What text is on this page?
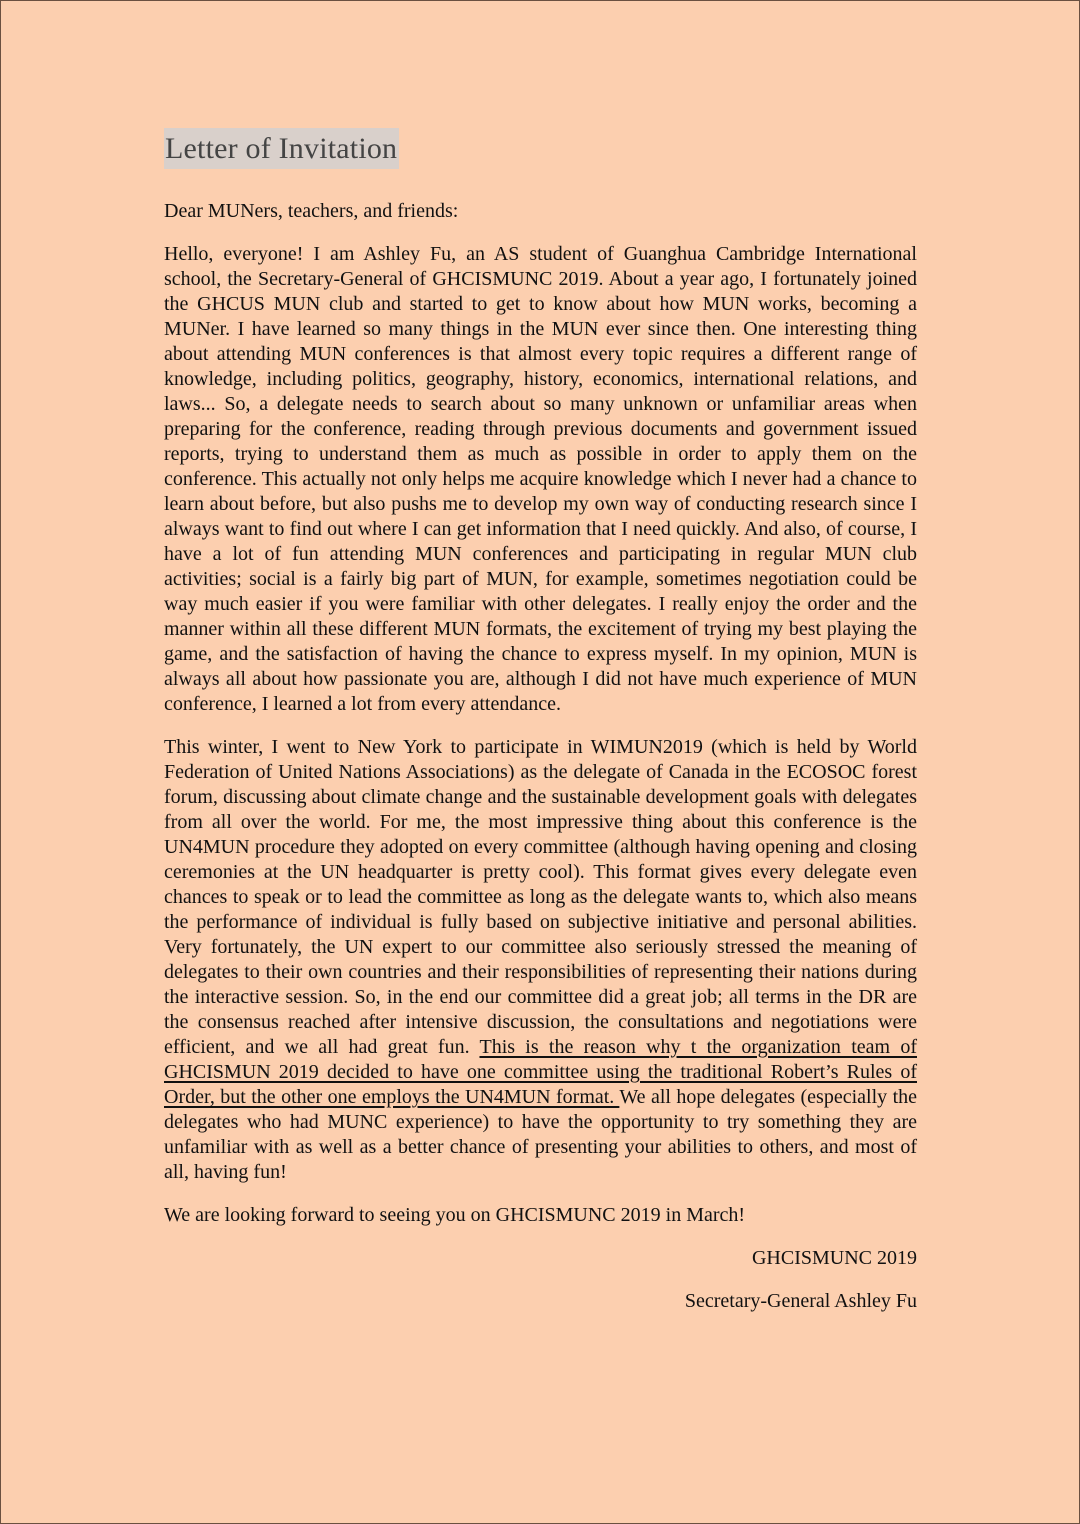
Letter of Invitation

Dear MUNers, teachers, and friends:

Hello, everyone! I am Ashley Fu, an AS student of Guanghua Cambridge International school, the Secretary-General of GHCISMUNC 2019. About a year ago, I fortunately joined the GHCUS MUN club and started to get to know about how MUN works, becoming a MUNer. I have learned so many things in the MUN ever since then. One interesting thing about attending MUN conferences is that almost every topic requires a different range of knowledge, including politics, geography, history, economics, international relations, and laws... So, a delegate needs to search about so many unknown or unfamiliar areas when preparing for the conference, reading through previous documents and government issued reports, trying to understand them as much as possible in order to apply them on the conference. This actually not only helps me acquire knowledge which I never had a chance to learn about before, but also pushs me to develop my own way of conducting research since I always want to find out where I can get information that I need quickly. And also, of course, I have a lot of fun attending MUN conferences and participating in regular MUN club activities; social is a fairly big part of MUN, for example, sometimes negotiation could be way much easier if you were familiar with other delegates. I really enjoy the order and the manner within all these different MUN formats, the excitement of trying my best playing the game, and the satisfaction of having the chance to express myself. In my opinion, MUN is always all about how passionate you are, although I did not have much experience of MUN conference, I learned a lot from every attendance.

This winter, I went to New York to participate in WIMUN2019 (which is held by World Federation of United Nations Associations) as the delegate of Canada in the ECOSOC forest forum, discussing about climate change and the sustainable development goals with delegates from all over the world. For me, the most impressive thing about this conference is the UN4MUN procedure they adopted on every committee (although having opening and closing ceremonies at the UN headquarter is pretty cool). This format gives every delegate even chances to speak or to lead the committee as long as the delegate wants to, which also means the performance of individual is fully based on subjective initiative and personal abilities. Very fortunately, the UN expert to our committee also seriously stressed the meaning of delegates to their own countries and their responsibilities of representing their nations during the interactive session. So, in the end our committee did a great job; all terms in the DR are the consensus reached after intensive discussion, the consultations and negotiations were efficient, and we all had great fun. This is the reason why t the organization team of GHCISMUN 2019 decided to have one committee using the traditional Robert’s Rules of Order, but the other one employs the UN4MUN format. We all hope delegates (especially the delegates who had MUNC experience) to have the opportunity to try something they are unfamiliar with as well as a better chance of presenting your abilities to others, and most of all, having fun!

We are looking forward to seeing you on GHCISMUNC 2019 in March!

GHCISMUNC 2019

Secretary-General Ashley Fu
